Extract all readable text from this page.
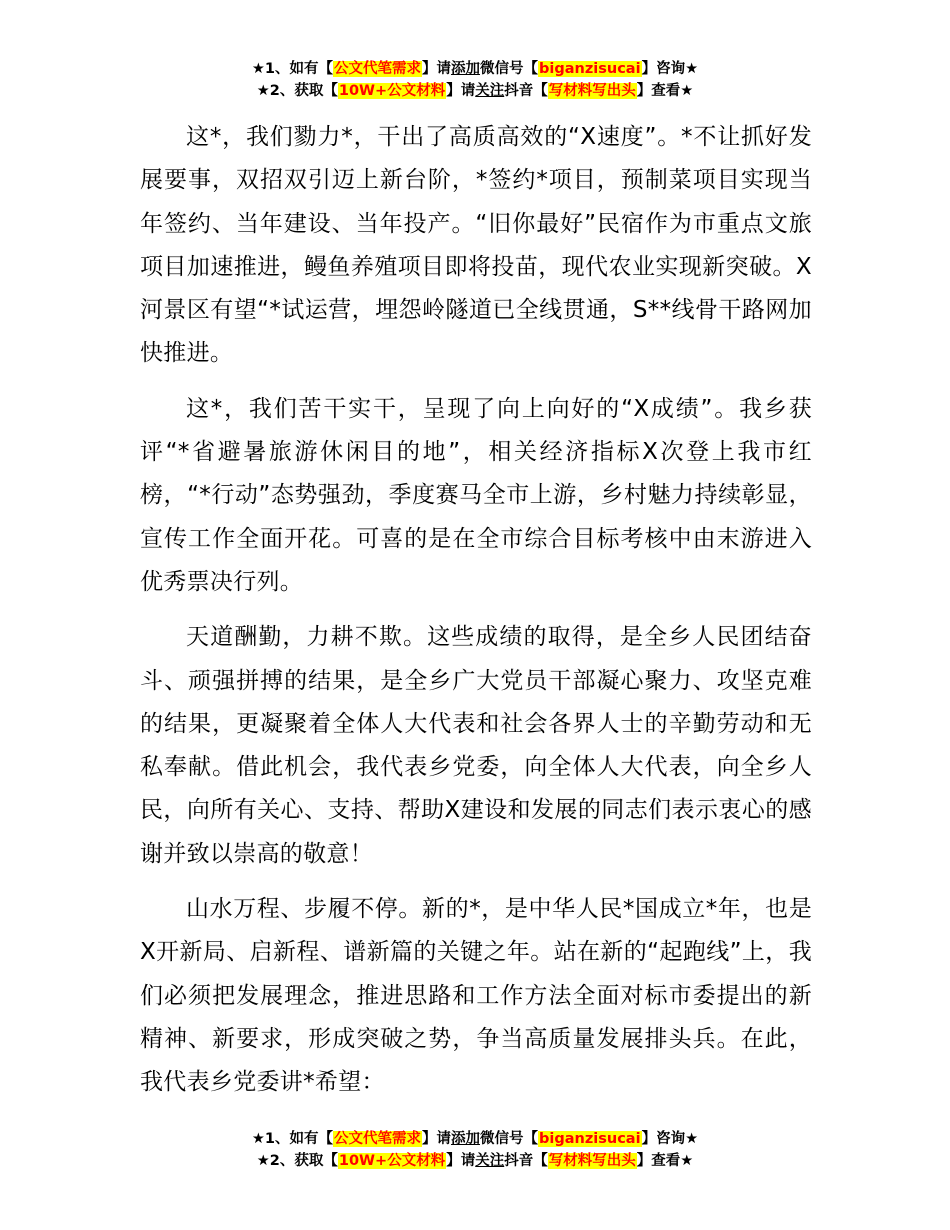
★1、如有【公文代笔需求】请添加微信号【biganzisucai】咨询★
★2、获取【10W+公文材料】请关注抖音【写材料写出头】查看★

这*，我们勠力*，干出了高质高效的“X速度”。*不让抓好发展要事，双招双引迈上新台阶，*签约*项目，预制菜项目实现当年签约、当年建设、当年投产。“旧你最好”民宿作为市重点文旅项目加速推进，鳗鱼养殖项目即将投苗，现代农业实现新突破。X河景区有望“*试运营，埋怨岭隧道已全线贯通，S**线骨干路网加快推进。

这*，我们苦干实干，呈现了向上向好的“X成绩”。我乡获评“*省避暑旅游休闲目的地”，相关经济指标X次登上我市红榜，“*行动”态势强劲，季度赛马全市上游，乡村魅力持续彰显，宣传工作全面开花。可喜的是在全市综合目标考核中由末游进入优秀票决行列。

天道酬勤，力耕不欺。这些成绩的取得，是全乡人民团结奋斗、顽强拼搏的结果，是全乡广大党员干部凝心聚力、攻坚克难的结果，更凝聚着全体人大代表和社会各界人士的辛勤劳动和无私奉献。借此机会，我代表乡党委，向全体人大代表，向全乡人民，向所有关心、支持、帮助X建设和发展的同志们表示衷心的感谢并致以崇高的敬意！

山水万程、步履不停。新的*，是中华人民*国成立*年，也是X开新局、启新程、谱新篇的关键之年。站在新的“起跑线”上，我们必须把发展理念，推进思路和工作方法全面对标市委提出的新精神、新要求，形成突破之势，争当高质量发展排头兵。在此，我代表乡党委讲*希望：

★1、如有【公文代笔需求】请添加微信号【biganzisucai】咨询★
★2、获取【10W+公文材料】请关注抖音【写材料写出头】查看★
